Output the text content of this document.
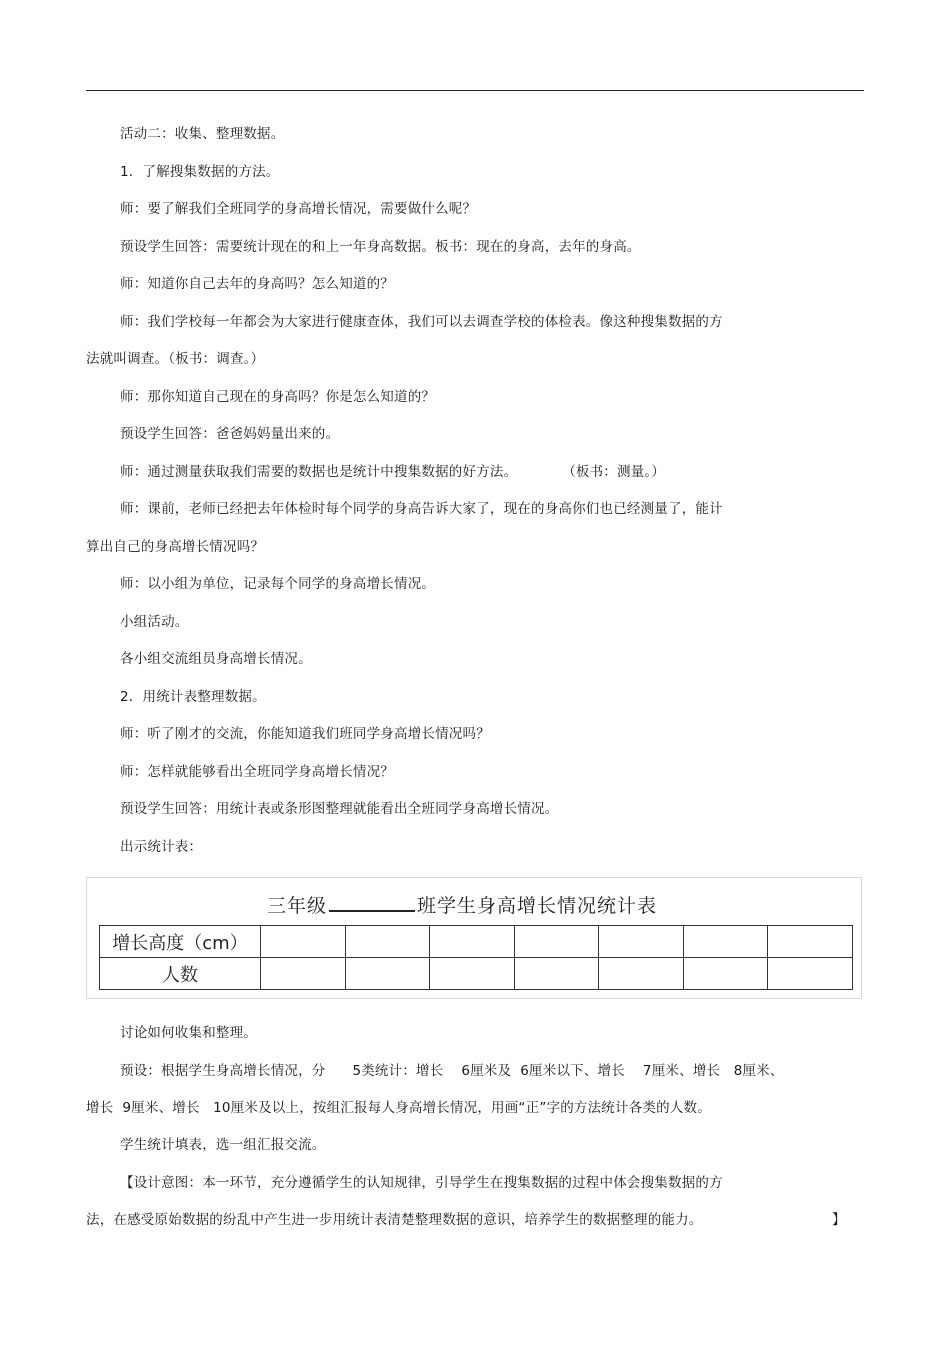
活动二：收集、整理数据。
1．了解搜集数据的方法。
师：要了解我们全班同学的身高增长情况，需要做什么呢？
预设学生回答：需要统计现在的和上一年身高数据。板书：现在的身高，去年的身高。
师：知道你自己去年的身高吗？怎么知道的？
师：我们学校每一年都会为大家进行健康查体，我们可以去调查学校的体检表。像这种搜集数据的方
法就叫调查。（板书：调查。）
师：那你知道自己现在的身高吗？你是怎么知道的？
预设学生回答：爸爸妈妈量出来的。
师：通过测量获取我们需要的数据也是统计中搜集数据的好方法。          （板书：测量。）
师：课前，老师已经把去年体检时每个同学的身高告诉大家了，现在的身高你们也已经测量了，能计
算出自己的身高增长情况吗？
师：以小组为单位，记录每个同学的身高增长情况。
小组活动。
各小组交流组员身高增长情况。
2．用统计表整理数据。
师：听了刚才的交流，你能知道我们班同学身高增长情况吗？
师：怎样就能够看出全班同学身高增长情况？
预设学生回答：用统计表或条形图整理就能看出全班同学身高增长情况。
出示统计表：
三年级	班学生身高增长情况统计表
增长高度（cm）							
人数							
讨论如何收集和整理。
预设：根据学生身高增长情况，分      5类统计：增长    6厘米及  6厘米以下、增长    7厘米、增长   8厘米、
增长  9厘米、增长   10厘米及以上，按组汇报每人身高增长情况，用画“正”字的方法统计各类的人数。
学生统计填表，选一组汇报交流。
【设计意图：本一环节，充分遵循学生的认知规律，引导学生在搜集数据的过程中体会搜集数据的方
法，在感受原始数据的纷乱中产生进一步用统计表清楚整理数据的意识，培养学生的数据整理的能力。	】
